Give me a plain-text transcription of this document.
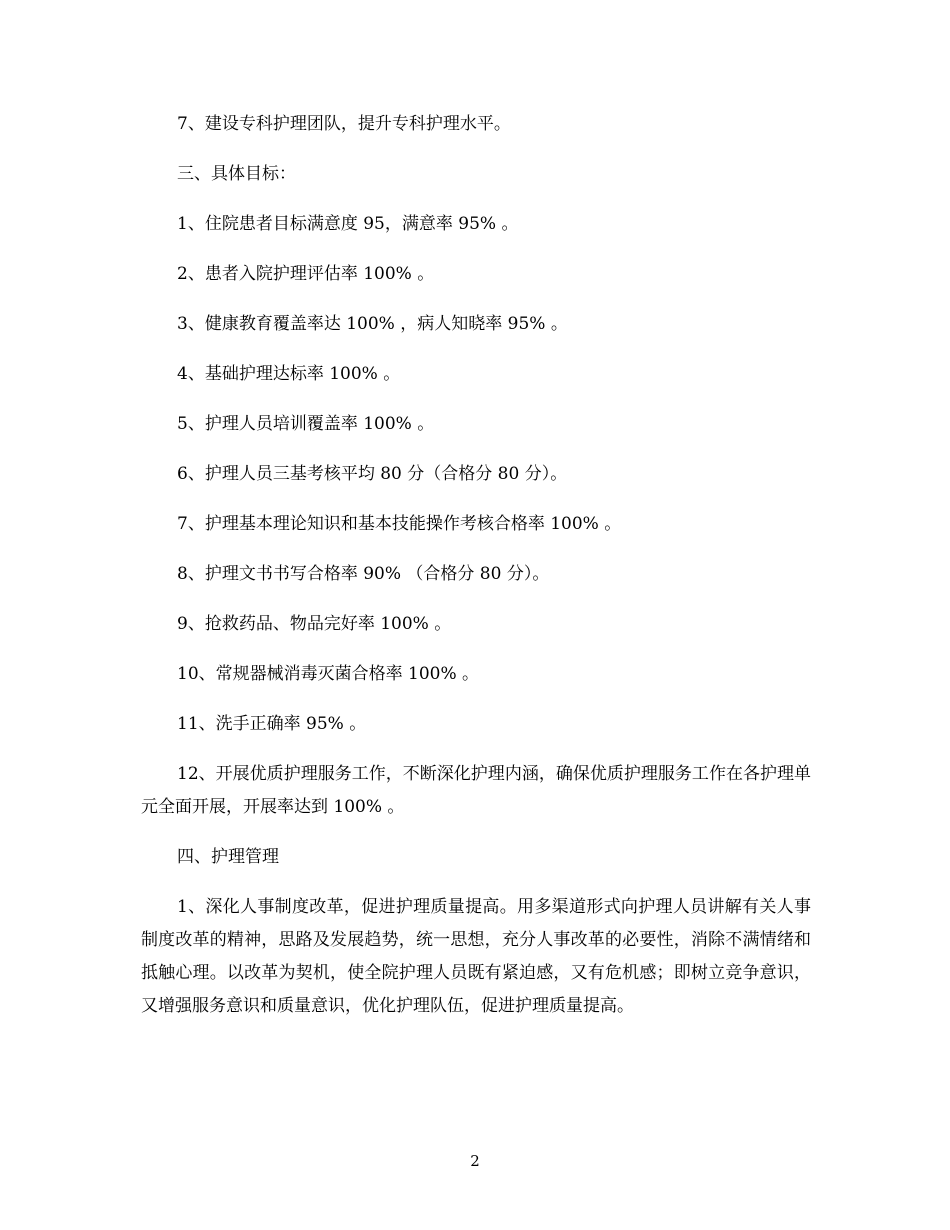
7、建设专科护理团队，提升专科护理水平。

三、具体目标：

1、住院患者目标满意度 95，满意率 95% 。

2、患者入院护理评估率 100% 。

3、健康教育覆盖率达 100% ，病人知晓率 95% 。

4、基础护理达标率 100% 。

5、护理人员培训覆盖率 100% 。

6、护理人员三基考核平均 80 分（合格分 80 分）。

7、护理基本理论知识和基本技能操作考核合格率 100% 。

8、护理文书书写合格率 90% （合格分 80 分）。

9、抢救药品、物品完好率 100% 。

10、常规器械消毒灭菌合格率 100% 。

11、洗手正确率 95% 。

12、开展优质护理服务工作，不断深化护理内涵，确保优质护理服务工作在各护理单元全面开展，开展率达到 100% 。

四、护理管理

1、深化人事制度改革，促进护理质量提高。用多渠道形式向护理人员讲解有关人事制度改革的精神，思路及发展趋势，统一思想，充分人事改革的必要性，消除不满情绪和抵触心理。以改革为契机，使全院护理人员既有紧迫感，又有危机感；即树立竞争意识，又增强服务意识和质量意识，优化护理队伍，促进护理质量提高。

2
